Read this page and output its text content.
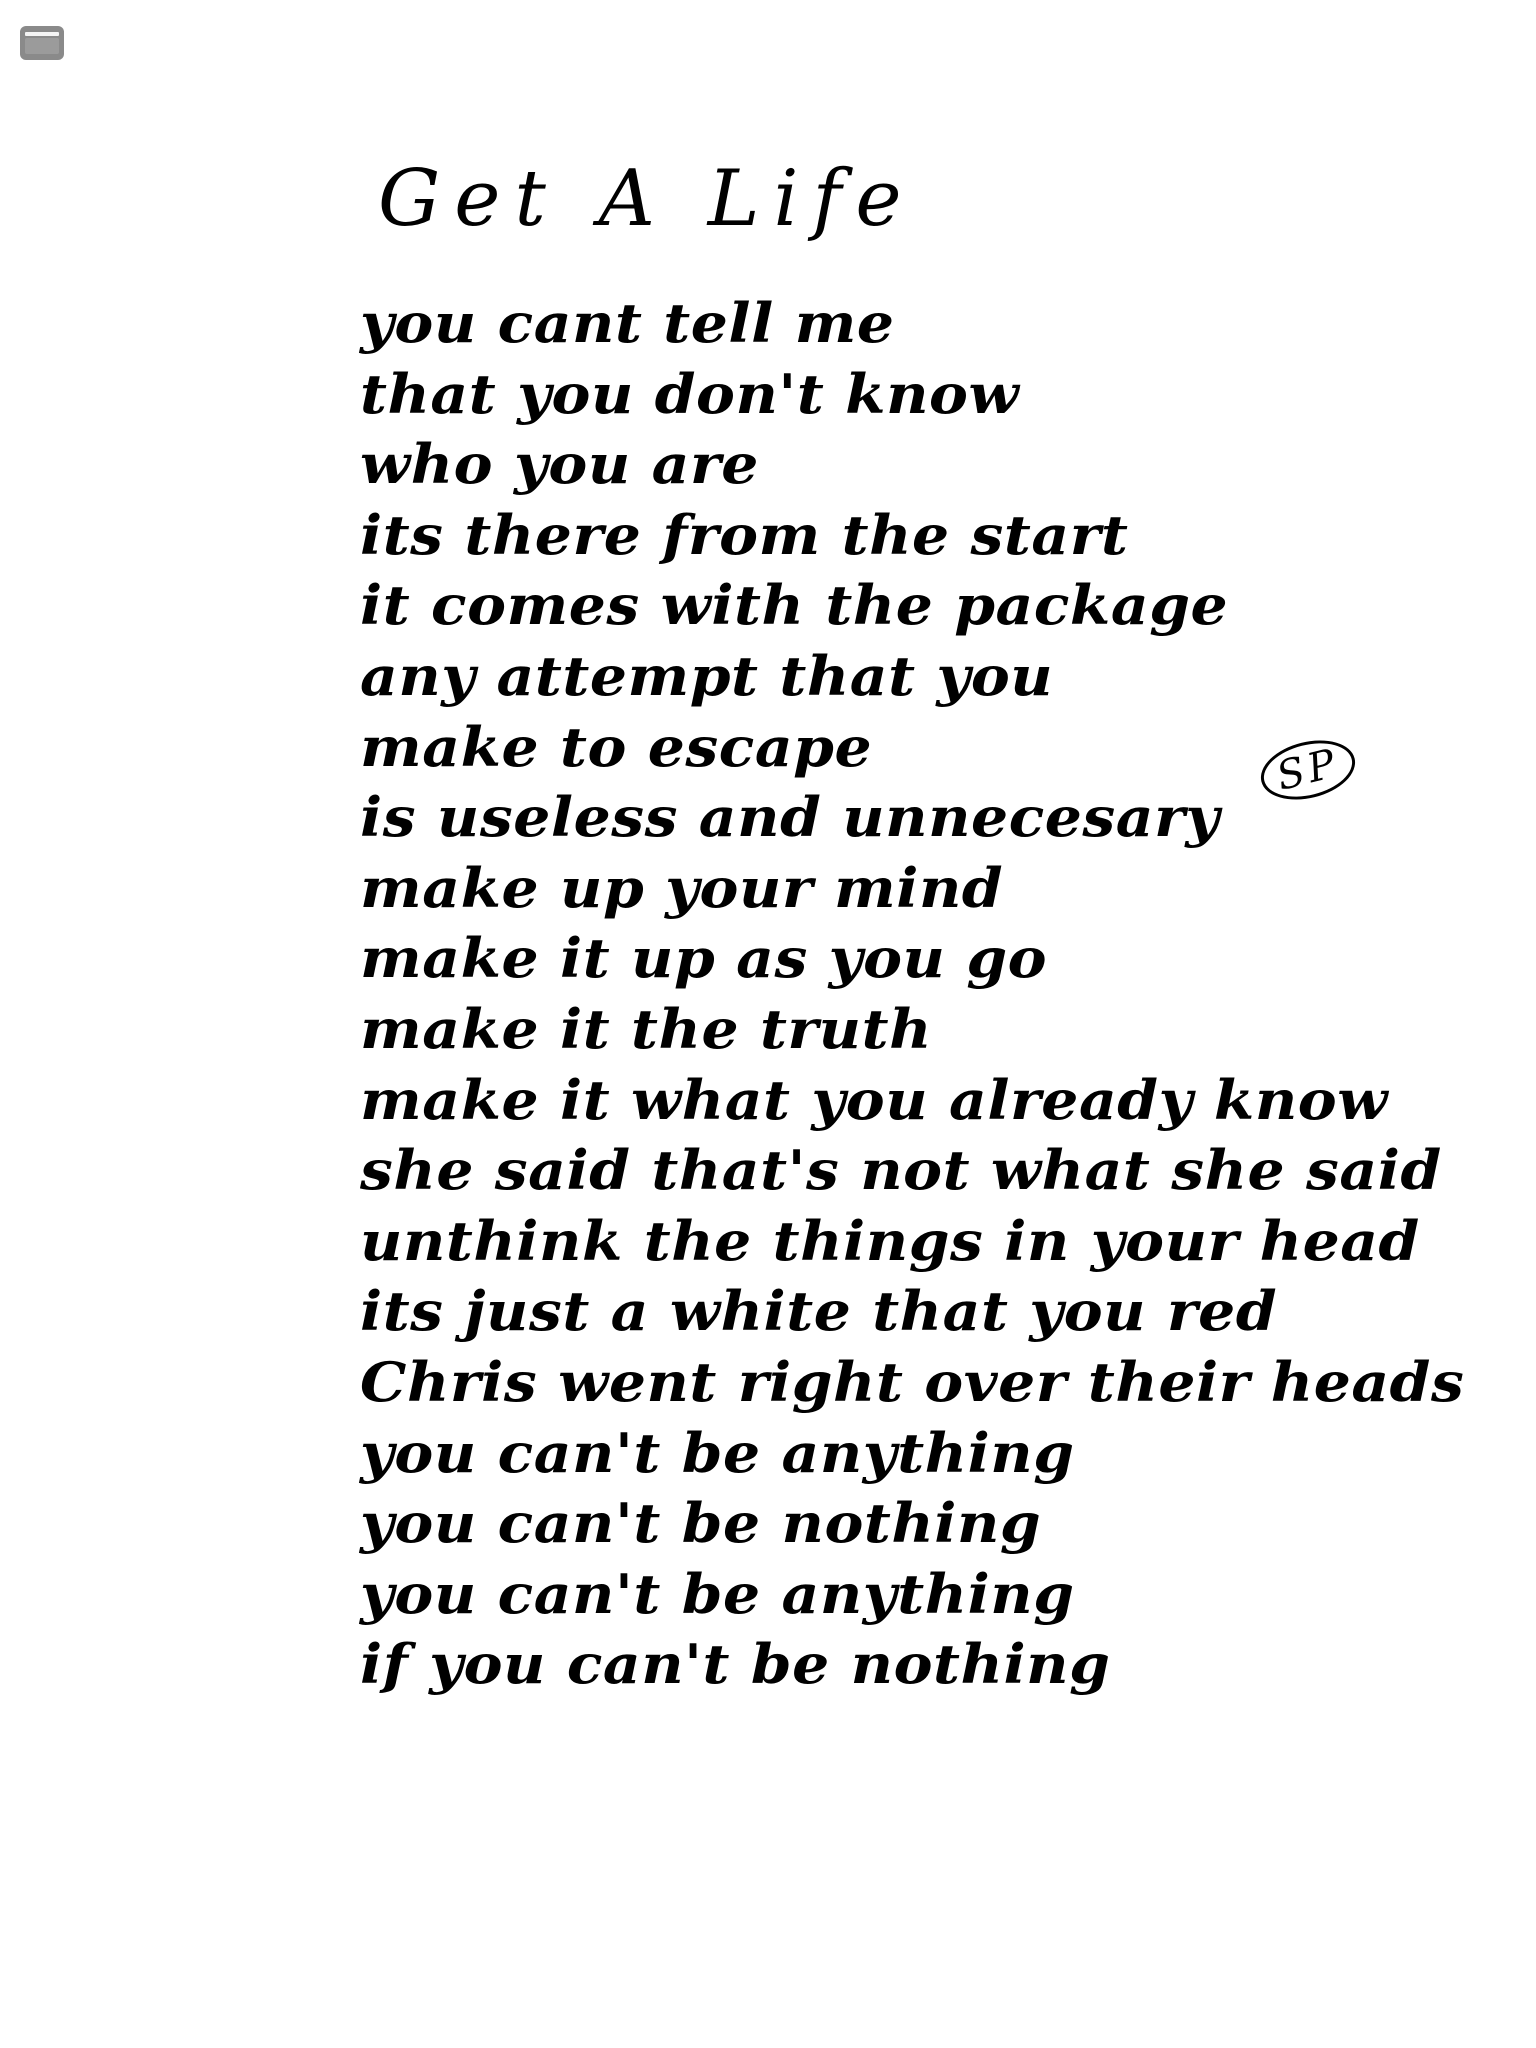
Get A Life
you cant tell me
that you don't know
who you are
its there from the start
it comes with the package
any attempt that you
make to escape
is useless and unnecesary
make up your mind
make it up as you go
make it the truth
make it what you already know
she said that's not what she said
unthink the things in your head
its just a white that you red
Chris went right over their heads
you can't be anything
you can't be nothing
you can't be anything
if you can't be nothing
SP
